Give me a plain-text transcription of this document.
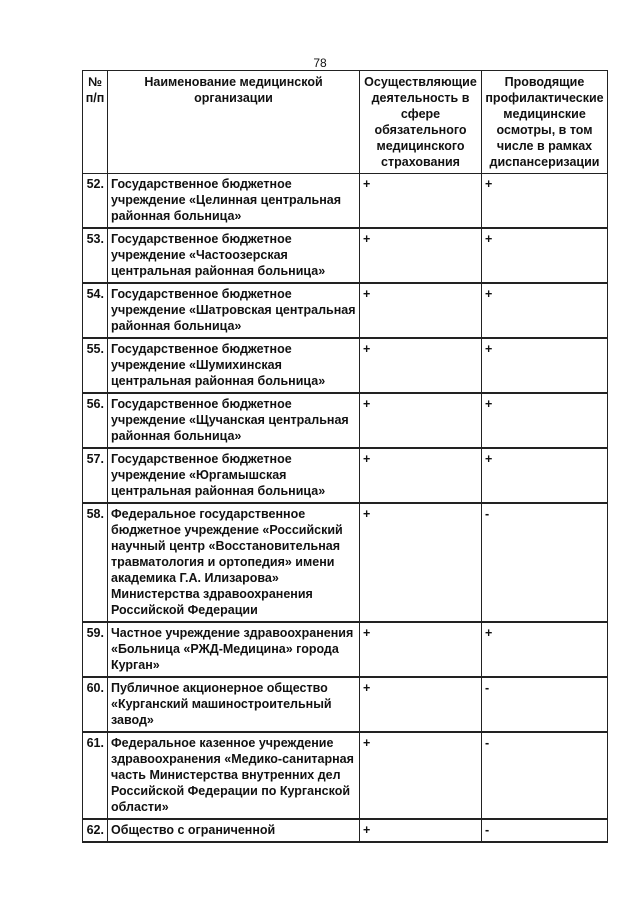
78
№ п/п	Наименование медицинской организации	Осуществляющие деятельность в сфере обязательного медицинского страхования	Проводящие профилактические медицинские осмотры, в том числе в рамках диспансеризации
52.	Государственное бюджетное учреждение «Целинная центральная районная больница»	+	+
53.	Государственное бюджетное учреждение «Частоозерская центральная районная больница»	+	+
54.	Государственное бюджетное учреждение «Шатровская центральная районная больница»	+	+
55.	Государственное бюджетное учреждение «Шумихинская центральная районная больница»	+	+
56.	Государственное бюджетное учреждение «Щучанская центральная районная больница»	+	+
57.	Государственное бюджетное учреждение «Юргамышская центральная районная больница»	+	+
58.	Федеральное государственное бюджетное учреждение «Российский научный центр «Восстановительная травматология и ортопедия» имени академика Г.А. Илизарова» Министерства здравоохранения Российской Федерации	+	-
59.	Частное учреждение здравоохранения «Больница «РЖД-Медицина» города Курган»	+	+
60.	Публичное акционерное общество «Курганский машиностроительный завод»	+	-
61.	Федеральное казенное учреждение здравоохранения «Медико-санитарная часть Министерства внутренних дел Российской Федерации по Курганской области»	+	-
62.	Общество с ограниченной	+	-
